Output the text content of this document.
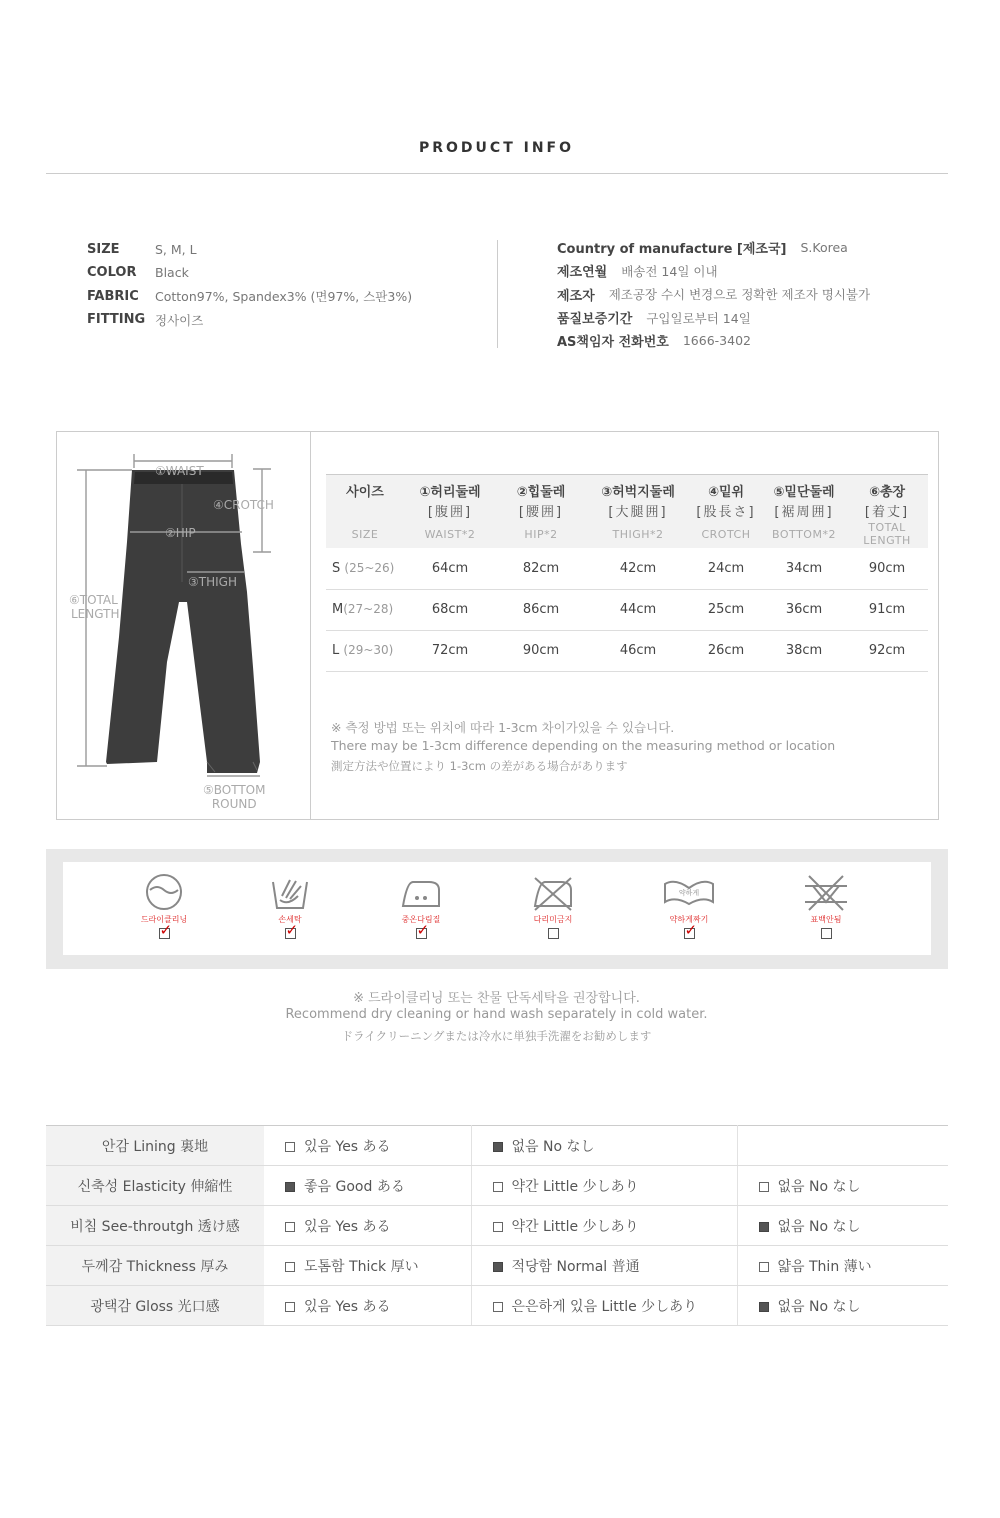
PRODUCT INFO
SIZE	S, M, L
COLOR	Black
FABRIC	Cotton97%, Spandex3% (면97%, 스판3%)
FITTING 정사이즈
Country of manufacture [제조국] S.Korea
제조연월 배송전 14일 이내
제조자 제조공장 수시 변경으로 정확한 제조자 명시불가
품질보증기간 구입일로부터 14일
AS책임자 전화번호 1666-3402
①WAIST
④CROTCH
②HIP
③THIGH
⑥TOTAL
LENGTH
⑤BOTTOM
ROUND
사이즈	①허리둘레	②힙둘레	③허벅지둘레	④밑위	⑤밑단둘레	⑥총장
	[腹囲]	[腰囲]	[大腿囲]	[股長さ]	[裾周囲]	[着丈]
SIZE	WAIST*2	HIP*2	THIGH*2	CROTCH	BOTTOM*2	TOTAL LENGTH
S (25~26)	64cm	82cm	42cm	24cm	34cm	90cm
M(27~28)	68cm	86cm	44cm	25cm	36cm	91cm
L (29~30)	72cm	90cm	46cm	26cm	38cm	92cm
※ 측정 방법 또는 위치에 따라 1-3cm 차이가있을 수 있습니다.
There may be 1-3cm difference depending on the measuring method or location
測定方法や位置により 1-3cm の差がある場合があります
드라이클리닝
✓
손세탁
✓
중온다림질
✓
다리미금지
약하게
약하게짜기
✓
표백안됨
※ 드라이클리닝 또는 찬물 단독세탁을 권장합니다.
Recommend dry cleaning or hand wash separately in cold water.
ドライクリーニングまたは冷水に単独手洗濯をお勧めします
안감 Lining 裏地	있음 Yes ある	없음 No なし	
신축성 Elasticity 伸縮性	좋음 Good ある	약간 Little 少しあり	없음 No なし
비침 See-throutgh 透け感	있음 Yes ある	약간 Little 少しあり	없음 No なし
두께감 Thickness 厚み	도톰함 Thick 厚い	적당함 Normal 普通	얇음 Thin 薄い
광택감 Gloss 光口感	있음 Yes ある	은은하게 있음 Little 少しあり	없음 No なし
